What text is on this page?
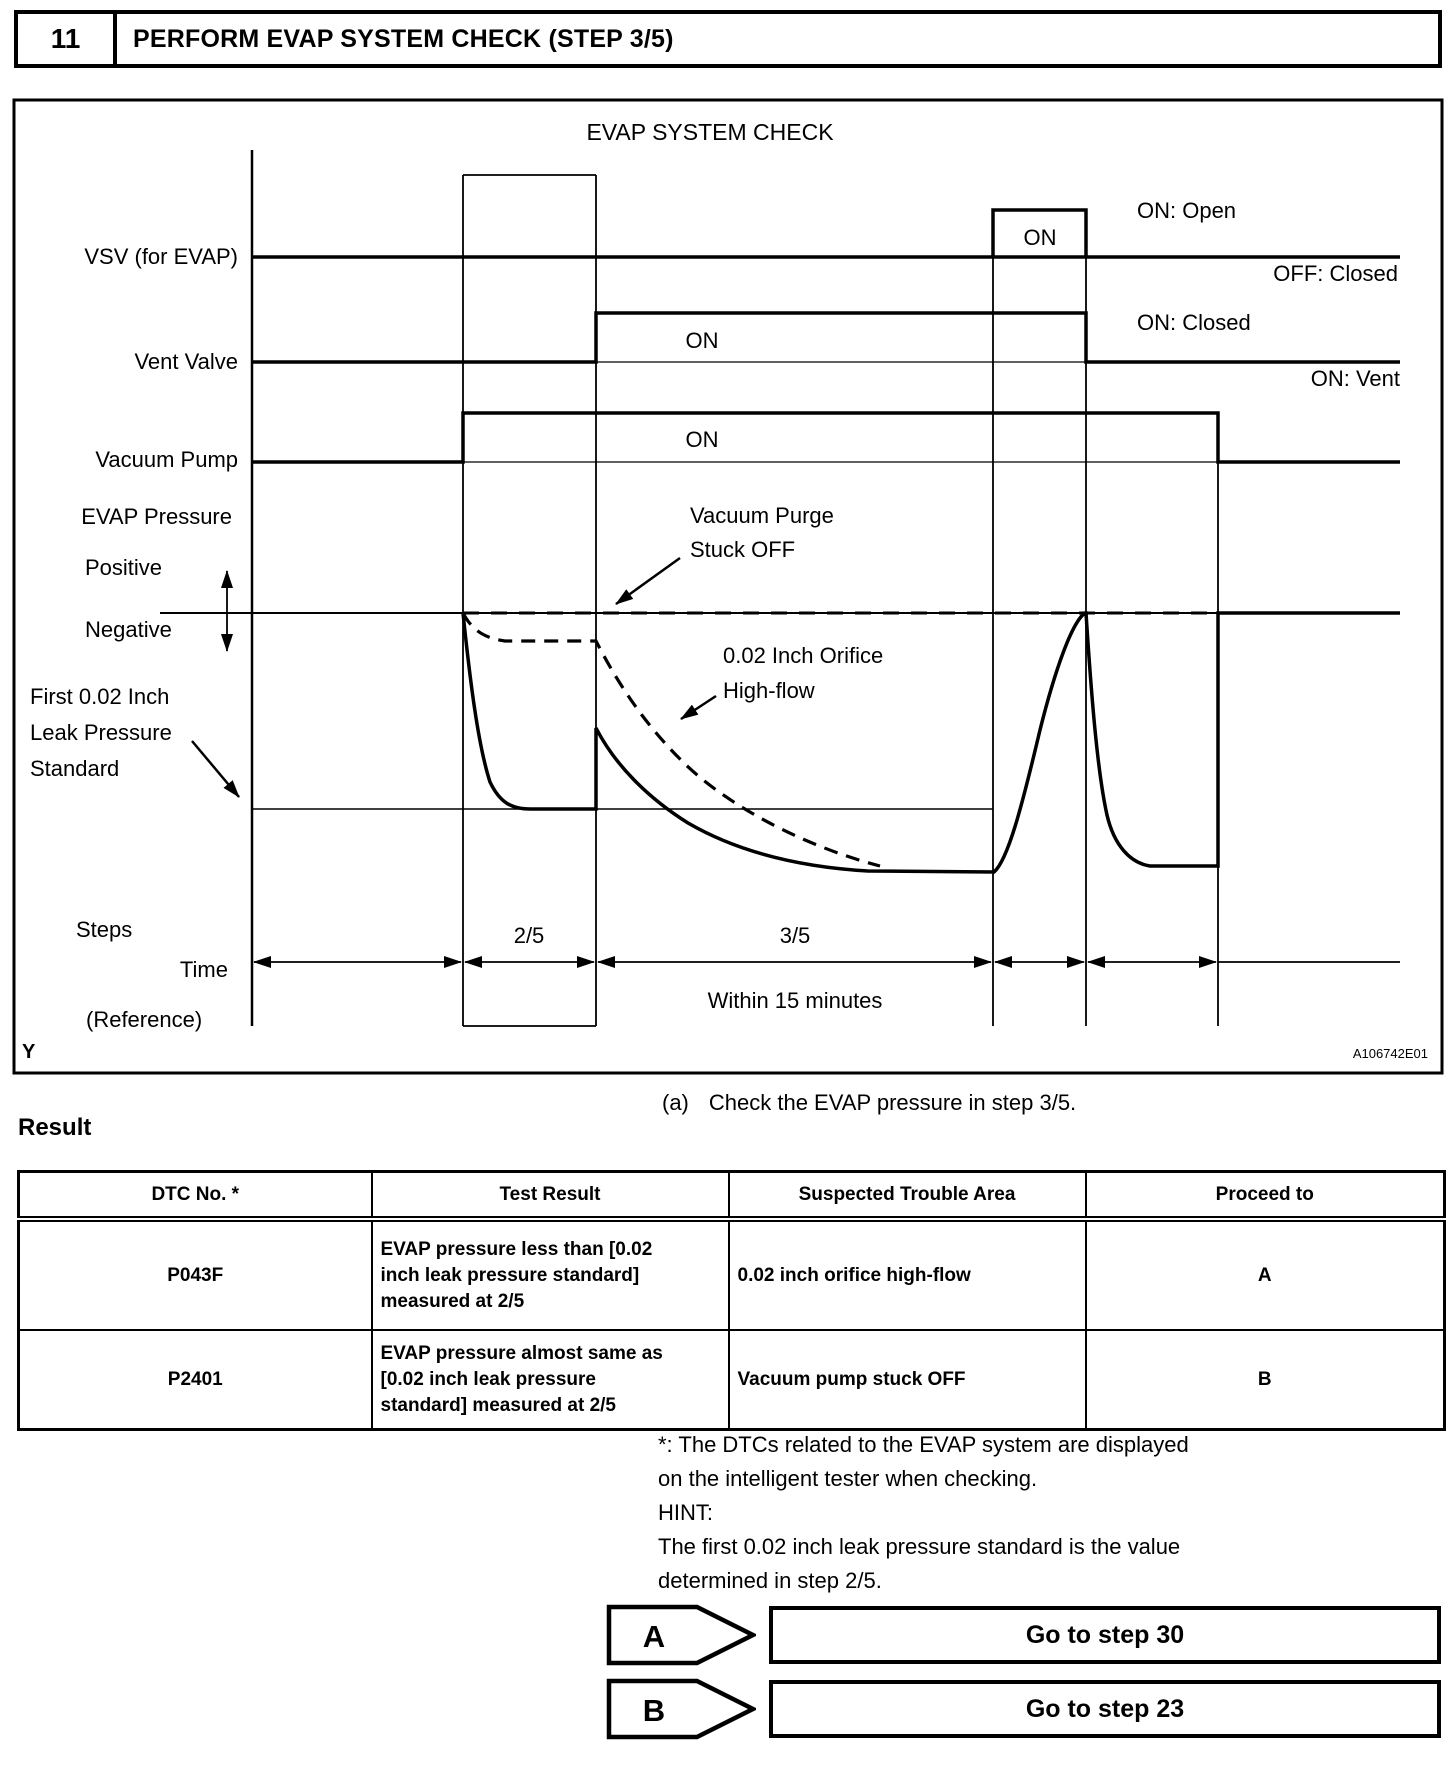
11	PERFORM EVAP SYSTEM CHECK (STEP 3/5)
EVAP SYSTEM CHECK
VSV (for EVAP)
Vent Valve
Vacuum Pump
EVAP Pressure
Positive
Negative
ON
ON
ON
ON: Open
OFF: Closed
ON: Closed
ON: Vent
Vacuum Purge
Stuck OFF
0.02 Inch Orifice
High-flow
First 0.02 Inch
Leak Pressure
Standard
Steps	2/5	3/5
Time
(Reference)
Within 15 minutes
Y	A106742E01
(a) Check the EVAP pressure in step 3/5.
Result
DTC No. *	Test Result	Suspected Trouble Area	Proceed to
P043F	EVAP pressure less than [0.02
inch leak pressure standard]
measured at 2/5	0.02 inch orifice high-flow	A
P2401	EVAP pressure almost same as
[0.02 inch leak pressure
standard] measured at 2/5	Vacuum pump stuck OFF	B
*: The DTCs related to the EVAP system are displayed
on the intelligent tester when checking.
HINT:
The first 0.02 inch leak pressure standard is the value
determined in step 2/5.
A	Go to step 30
B	Go to step 23
